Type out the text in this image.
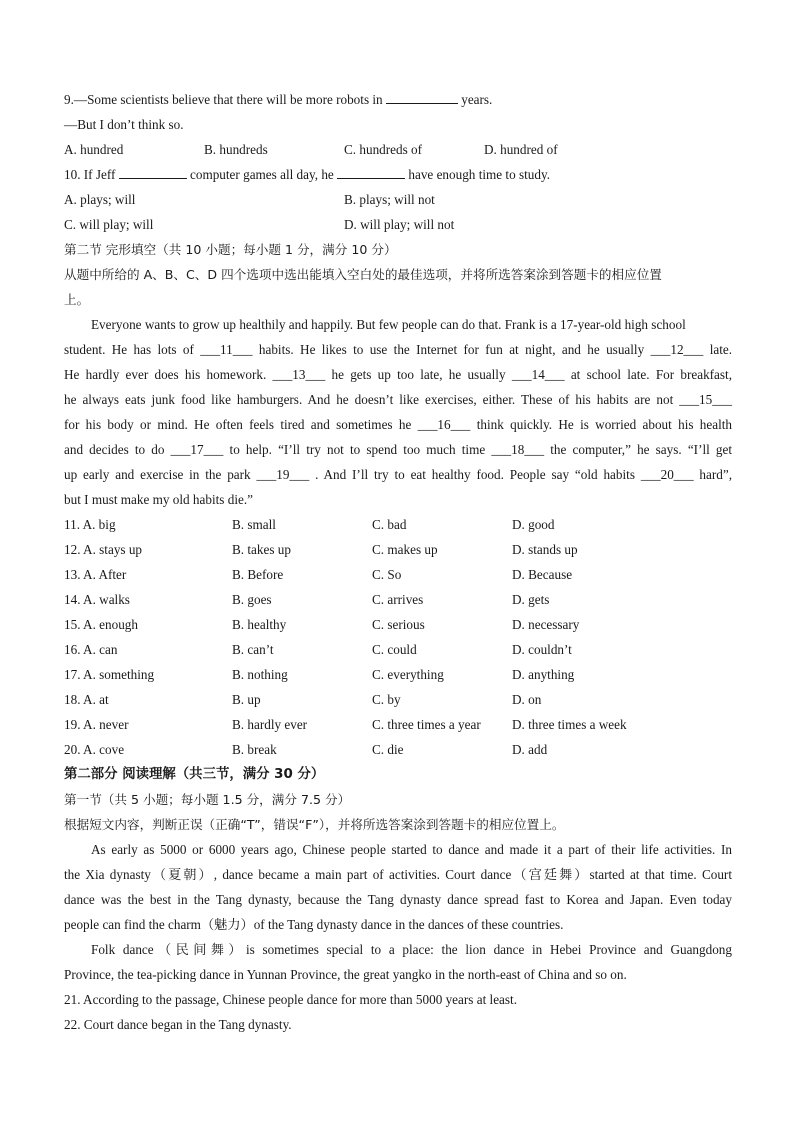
9.—Some scientists believe that there will be more robots in	years.
—But I don’t think so.
A. hundred	B. hundreds	C. hundreds of	D. hundred of
10. If Jeff	computer games all day, he	have enough time to study.
A. plays; will	B. plays; will not
C. will play; will	D. will play; will not
第二节 完形填空（共 10 小题；每小题 1 分，满分 10 分）
从题中所给的 A、B、C、D 四个选项中选出能填入空白处的最佳选项，并将所选答案涂到答题卡的相应位置
上。
Everyone wants to grow up healthily and happily. But few people can do that. Frank is a 17-year-old high school
student. He has lots of ___11___ habits. He likes to use the Internet for fun at night, and he usually ___12___ late.
He hardly ever does his homework. ___13___ he gets up too late, he usually ___14___ at school late. For breakfast,
he always eats junk food like hamburgers. And he doesn’t like exercises, either. These of his habits are not ___15___
for his body or mind. He often feels tired and sometimes he ___16___ think quickly. He is worried about his health
and decides to do ___17___ to help. “I’ll try not to spend too much time ___18___ the computer,” he says. “I’ll get
up early and exercise in the park ___19___ . And I’ll try to eat healthy food. People say “old habits ___20___ hard”,
but I must make my old habits die.”
11. A. big	B. small	C. bad	D. good
12. A. stays up	B. takes up	C. makes up	D. stands up
13. A. After	B. Before	C. So	D. Because
14. A. walks	B. goes	C. arrives	D. gets
15. A. enough	B. healthy	C. serious	D. necessary
16. A. can	B. can’t	C. could	D. couldn’t
17. A. something	B. nothing	C. everything	D. anything
18. A. at	B. up	C. by	D. on
19. A. never	B. hardly ever	C. three times a year D. three times a week
20. A. cove	B. break	C. die	D. add
第二部分 阅读理解（共三节，满分 30 分）
第一节（共 5 小题；每小题 1.5 分，满分 7.5 分）
根据短文内容，判断正误（正确“T”，错误“F”），并将所选答案涂到答题卡的相应位置上。
As early as 5000 or 6000 years ago, Chinese people started to dance and made it a part of their life activities. In
the Xia dynasty（夏朝）, dance became a main part of activities. Court dance（宫廷舞）started at that time. Court
dance was the best in the Tang dynasty, because the Tang dynasty dance spread fast to Korea and Japan. Even today
people can find the charm（魅力）of the Tang dynasty dance in the dances of these countries.
Folk dance（民间舞）is sometimes special to a place: the lion dance in Hebei Province and Guangdong
Province, the tea-picking dance in Yunnan Province, the great yangko in the north-east of China and so on.
21. According to the passage, Chinese people dance for more than 5000 years at least.
22. Court dance began in the Tang dynasty.
